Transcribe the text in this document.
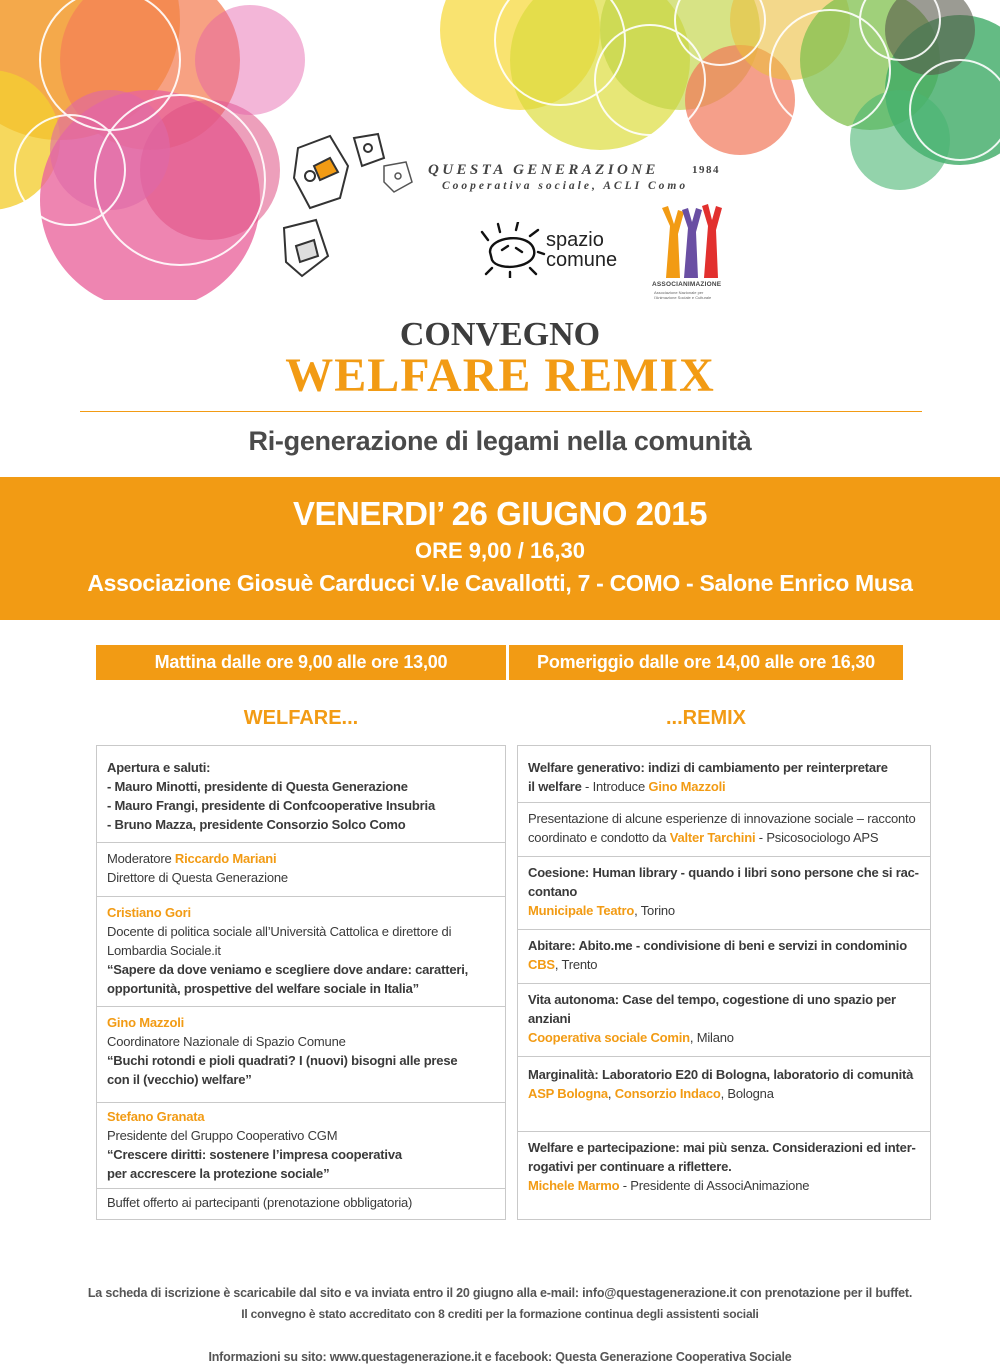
QUESTA GENERAZIONE	1984
Cooperativa sociale, ACLI Como
spazio
comune
ASSOCIANIMAZIONE
Associazione Nazionale per l'Animazione Sociale e Culturale
CONVEGNO
WELFARE REMIX
Ri-generazione di legami nella comunità
VENERDI’ 26 GIUGNO 2015
ORE 9,00 / 16,30
Associazione Giosuè Carducci V.le Cavallotti, 7 - COMO - Salone Enrico Musa
Mattina dalle ore 9,00 alle ore 13,00	Pomeriggio dalle ore 14,00 alle ore 16,30
WELFARE...	...REMIX
Apertura e saluti:
- Mauro Minotti, presidente di Questa Generazione
- Mauro Frangi, presidente di Confcooperative Insubria
- Bruno Mazza, presidente Consorzio Solco Como
Moderatore Riccardo Mariani
Direttore di Questa Generazione
Cristiano Gori
Docente di politica sociale all’Università Cattolica e direttore di
Lombardia Sociale.it
“Sapere da dove veniamo e scegliere dove andare: caratteri,
opportunità, prospettive del welfare sociale in Italia”
Gino Mazzoli
Coordinatore Nazionale di Spazio Comune
“Buchi rotondi e pioli quadrati? I (nuovi) bisogni alle prese
con il (vecchio) welfare”
Stefano Granata
Presidente del Gruppo Cooperativo CGM
“Crescere diritti: sostenere l’impresa cooperativa
per accrescere la protezione sociale”
Buffet offerto ai partecipanti (prenotazione obbligatoria)
Welfare generativo: indizi di cambiamento per reinterpretare
il welfare - Introduce Gino Mazzoli
Presentazione di alcune esperienze di innovazione sociale – racconto
coordinato e condotto da Valter Tarchini - Psicosociologo APS
Coesione: Human library - quando i libri sono persone che si rac-
contano
Municipale Teatro, Torino
Abitare: Abito.me - condivisione di beni e servizi in condominio
CBS, Trento
Vita autonoma: Case del tempo, cogestione di uno spazio per
anziani
Cooperativa sociale Comin, Milano
Marginalità: Laboratorio E20 di Bologna, laboratorio di comunità
ASP Bologna, Consorzio Indaco, Bologna
Welfare e partecipazione: mai più senza. Considerazioni ed inter-
rogativi per continuare a riflettere.
Michele Marmo - Presidente di AssociAnimazione
La scheda di iscrizione è scaricabile dal sito e va inviata entro il 20 giugno alla e-mail: info@questagenerazione.it con prenotazione per il buffet.
Il convegno è stato accreditato con 8 crediti per la formazione continua degli assistenti sociali
Informazioni su sito: www.questagenerazione.it e facebook: Questa Generazione Cooperativa Sociale
